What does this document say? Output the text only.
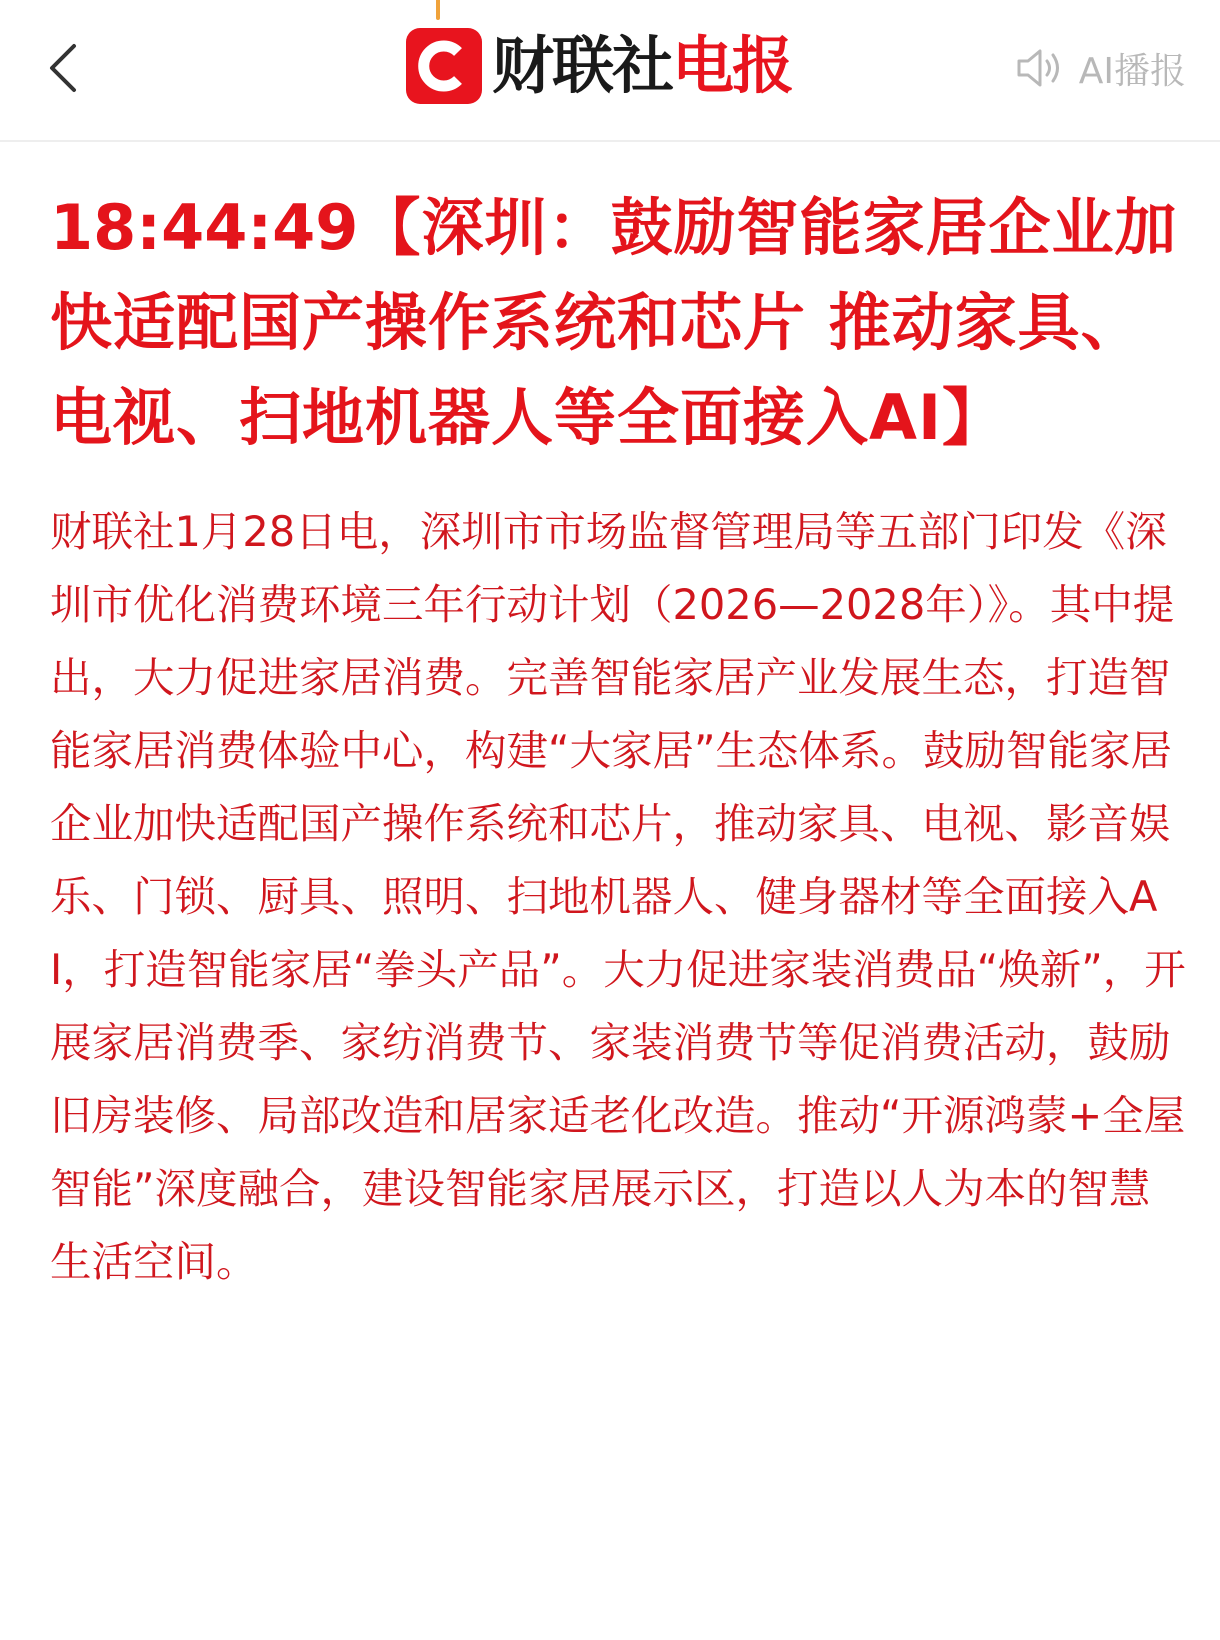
财联社电报	AI播报
18:44:49【深圳：鼓励智能家居企业加快适配国产操作系统和芯片 推动家具、电视、扫地机器人等全面接入AI】

财联社1月28日电，深圳市市场监督管理局等五部门印发《深圳市优化消费环境三年行动计划（2026—2028年）》。其中提出，大力促进家居消费。完善智能家居产业发展生态，打造智能家居消费体验中心，构建“大家居”生态体系。鼓励智能家居企业加快适配国产操作系统和芯片，推动家具、电视、影音娱乐、门锁、厨具、照明、扫地机器人、健身器材等全面接入AI，打造智能家居“拳头产品”。大力促进家装消费品“焕新”，开展家居消费季、家纺消费节、家装消费节等促消费活动，鼓励旧房装修、局部改造和居家适老化改造。推动“开源鸿蒙+全屋智能”深度融合，建设智能家居展示区，打造以人为本的智慧生活空间。
